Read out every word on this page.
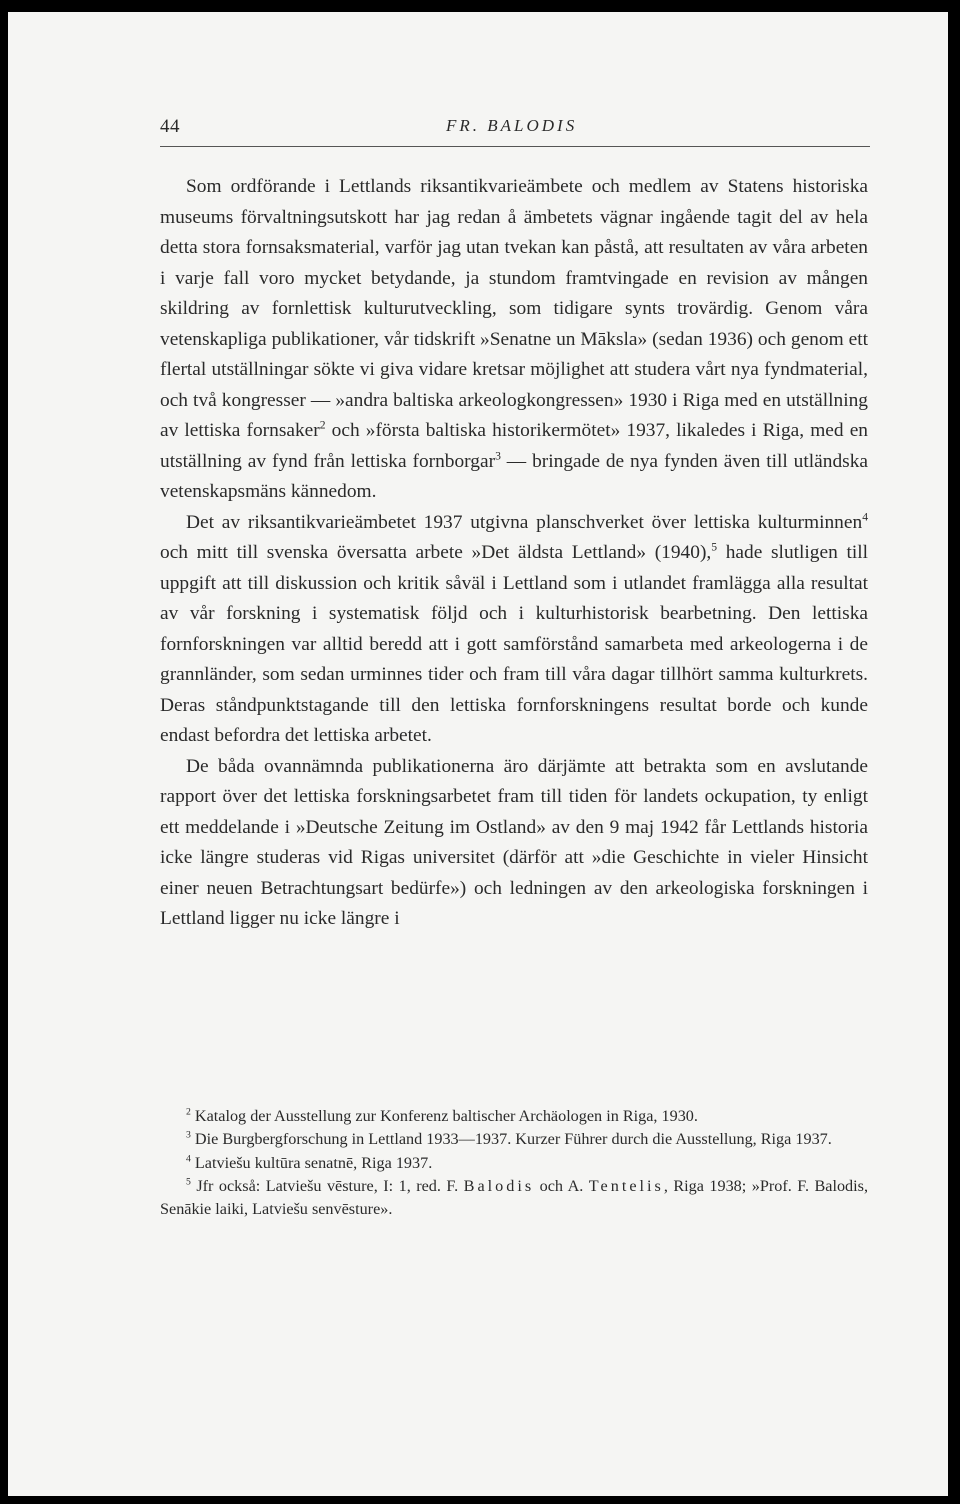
44	FR. BALODIS

Som ordförande i Lettlands riksantikvarieämbete och medlem av Statens historiska museums förvaltningsutskott har jag redan å ämbetets vägnar ingående tagit del av hela detta stora fornsaksmaterial, varför jag utan tvekan kan påstå, att resultaten av våra arbeten i varje fall voro mycket betydande, ja stundom framtvingade en revision av mången skildring av fornlettisk kulturutveckling, som tidigare synts trovärdig. Genom våra vetenskapliga publikationer, vår tidskrift »Senatne un Māksla» (sedan 1936) och genom ett flertal utställningar sökte vi giva vidare kretsar möjlighet att studera vårt nya fyndmaterial, och två kongresser — »andra baltiska arkeologkongressen» 1930 i Riga med en utställning av lettiska fornsaker$^2$ och »första baltiska historikermötet» 1937, likaledes i Riga, med en utställning av fynd från lettiska fornborgar$^3$ — bringade de nya fynden även till utländska vetenskapsmäns kännedom.

Det av riksantikvarieämbetet 1937 utgivna planschverket över lettiska kulturminnen$^4$ och mitt till svenska översatta arbete »Det äldsta Lettland» (1940),$^5$ hade slutligen till uppgift att till diskussion och kritik såväl i Lettland som i utlandet framlägga alla resultat av vår forskning i systematisk följd och i kulturhistorisk bearbetning. Den lettiska fornforskningen var alltid beredd att i gott samförstånd samarbeta med arkeologerna i de grannländer, som sedan urminnes tider och fram till våra dagar tillhört samma kulturkrets. Deras ståndpunktstagande till den lettiska fornforskningens resultat borde och kunde endast befordra det lettiska arbetet.

De båda ovannämnda publikationerna äro därjämte att betrakta som en avslutande rapport över det lettiska forskningsarbetet fram till tiden för landets ockupation, ty enligt ett meddelande i »Deutsche Zeitung im Ostland» av den 9 maj 1942 får Lettlands historia icke längre studeras vid Rigas universitet (därför att »die Geschichte in vieler Hinsicht einer neuen Betrachtungsart bedürfe») och ledningen av den arkeologiska forskningen i Lettland ligger nu icke längre i

$^2$ Katalog der Ausstellung zur Konferenz baltischer Archäologen in Riga, 1930.

$^3$ Die Burgbergforschung in Lettland 1933—1937. Kurzer Führer durch die Ausstellung, Riga 1937.

$^4$ Latviešu kultūra senatnē, Riga 1937.

$^5$ Jfr också: Latviešu vēsture, I: 1, red. F. Balodis och A. Tentelis, Riga 1938; »Prof. F. Balodis, Senākie laiki, Latviešu senvēsture».
